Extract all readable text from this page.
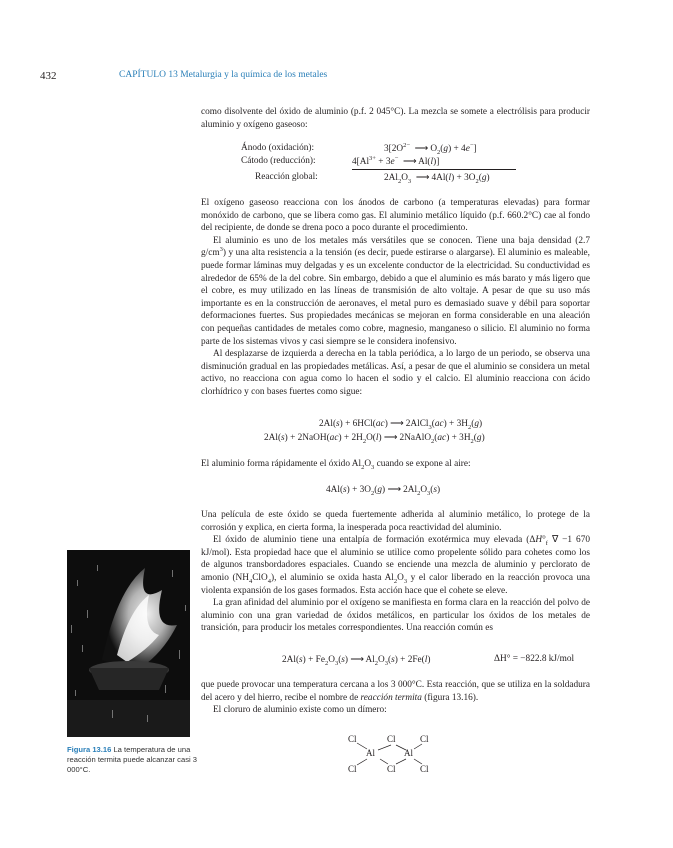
432	CAPÍTULO 13 Metalurgia y la química de los metales

como disolvente del óxido de aluminio (p.f. 2 045°C). La mezcla se somete a electrólisis para producir aluminio y oxígeno gaseoso:

Ánodo (oxidación):	$3[2O^{2-}$  ⟶ $O_2(g) + 4e^-$]
Cátodo (reducción):	$4[Al^{3+} + 3e^-$  ⟶ Al(l)]
Reacción global:	$2Al_2O_3$  ⟶ $4Al(l) + 3O_2(g)$

El oxígeno gaseoso reacciona con los ánodos de carbono (a temperaturas elevadas) para formar monóxido de carbono, que se libera como gas. El aluminio metálico líquido (p.f. 660.2°C) cae al fondo del recipiente, de donde se drena poco a poco durante el procedimiento.

El aluminio es uno de los metales más versátiles que se conocen. Tiene una baja densidad (2.7 $g/cm^3$) y una alta resistencia a la tensión (es decir, puede estirarse o alargarse). El aluminio es maleable, puede formar láminas muy delgadas y es un excelente conductor de la electricidad. Su conductividad es alrededor de 65% de la del cobre. Sin embargo, debido a que el aluminio es más barato y más ligero que el cobre, es muy utilizado en las líneas de transmisión de alto voltaje. A pesar de que su uso más importante es en la construcción de aeronaves, el metal puro es demasiado suave y débil para soportar deformaciones fuertes. Sus propiedades mecánicas se mejoran en forma considerable en una aleación con pequeñas cantidades de metales como cobre, magnesio, manganeso o silicio. El aluminio no forma parte de los sistemas vivos y casi siempre se le considera inofensivo.

Al desplazarse de izquierda a derecha en la tabla periódica, a lo largo de un periodo, se observa una disminución gradual en las propiedades metálicas. Así, a pesar de que el aluminio se considera un metal activo, no reacciona con agua como lo hacen el sodio y el calcio. El aluminio reacciona con ácido clorhídrico y con bases fuertes como sigue:

2Al(s) + 6HCl(ac) ⟶ 2AlCl$_3$(ac) + $3H_2(g)$
2Al(s) + 2NaOH(ac) + $2H_2O(l)$ ⟶ 2NaAlO$_2$(ac) + $3H_2(g)$

El aluminio forma rápidamente el óxido $Al_2O_3$ cuando se expone al aire:

$4Al(s) + 3O_2(g)$ ⟶ $2Al_2O_3(s)$

Una película de este óxido se queda fuertemente adherida al aluminio metálico, lo protege de la corrosión y explica, en cierta forma, la inesperada poca reactividad del aluminio.

El óxido de aluminio tiene una entalpía de formación exotérmica muy elevada ($\Delta H^\circ_f$ ∇ −1 670 kJ/mol). Esta propiedad hace que el aluminio se utilice como propelente sólido para cohetes como los de algunos transbordadores espaciales. Cuando se enciende una mezcla de aluminio y perclorato de amonio $(NH_4ClO_4)$, el aluminio se oxida hasta $Al_2O_3$ y el calor liberado en la reacción provoca una violenta expansión de los gases formados. Esta acción hace que el cohete se eleve.

La gran afinidad del aluminio por el oxígeno se manifiesta en forma clara en la reacción del polvo de aluminio con una gran variedad de óxidos metálicos, en particular los óxidos de los metales de transición, para producir los metales correspondientes. Una reacción común es

$2Al(s) + Fe_2O_3(s)$ ⟶ $Al_2O_3(s) + 2Fe(l)$	ΔH° = −822.8 kJ/mol

que puede provocar una temperatura cercana a los 3 000°C. Esta reacción, que se utiliza en la soldadura del acero y del hierro, recibe el nombre de reacción termita (figura 13.16).

El cloruro de aluminio existe como un dímero:

Cl	Cl	Cl
Al	Al
Cl	Cl	Cl
Figura 13.16 La temperatura de una reacción termita puede alcanzar casi 3 000°C.
